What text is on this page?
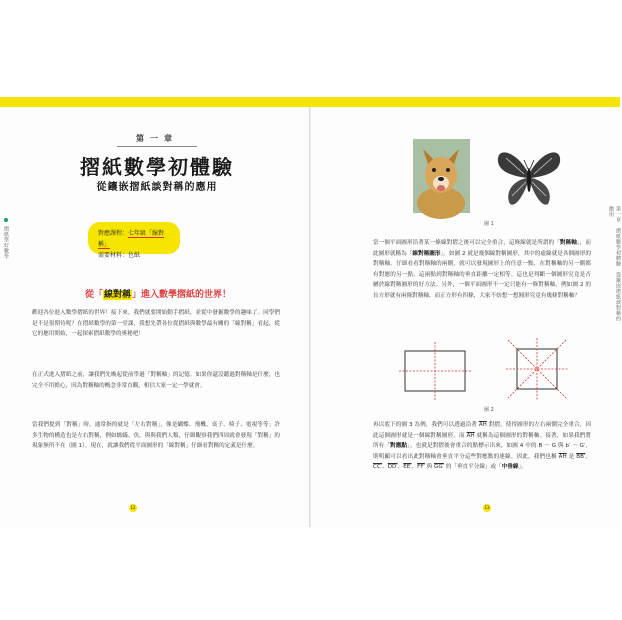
摺紙學好數學
第一章
摺紙數學初體驗
從鑲嵌摺紙談對稱的應用
對應課程：七年級「線對稱」
需要材料：色紙
從「線對稱」進入數學摺紙的世界！

歡迎各位進入數學摺紙的世界！接下來，我們就要開始動手摺紙，並從中發掘數學的趣味了。同學們是不是很期待呢？在摺紙數學的第一堂課，我想先帶各位從摺紙與數學最有關的「線對稱」看起，從它的應用開始，一起探索摺紙數學的奧秘吧！

在正式進入摺紙之前，讓我們先喚起從前學過「對稱軸」的記憶。如果你還沒聽過對稱軸是什麼，也完全不用擔心，因為對稱軸的概念非常直觀，相信大家一定一學就會。

當我們提到「對稱」時，通常指的就是「左右對稱」，像是蝴蝶、飛機、桌子、椅子、電視等等；許多生物的構造也是左右對稱，例如螞蟻、魚，與與我們人類，仔細觀察我們四周就會發現「對稱」的現象無所不在（圖 1）。現在，就讓我們從平面圖形的「線對稱」仔細看對稱的定義是什麼。

12
第一章　摺紙數學初體驗　從鑲嵌摺紙談對稱的應用
圖 1

當一個平面圖形沿著某一條線對摺之後可以完全重合，這條線就是所謂的「對稱軸」，而此圖形就稱為「線對稱圖形」。如圖 2 就是幾個線對稱圖形，其中的虛線就是各個圖形的對稱軸。仔細看看對稱軸的兩側，就可以發現圖形上的任意一點，在對稱軸的另一側都有對應的另一點，這兩點到對稱軸的垂直距離一定相等。這也是判斷一個圖形究竟是否屬於線對稱圖形的好方法。另外，一個平面圖形不一定只能有一條對稱軸，例如圖 2 的長方形就有兩條對稱軸，而正方形有四條，大家不妨想一想圓形究竟有幾條對稱軸？

圖 2

再以底下的圖 3 為例，我們可以透過沿著 $\overline{AH}$ 對摺，使得圖形的左右兩側完全重合，因此這個圖形就是一個線對稱圖形，而 $\overline{AH}$ 就稱為這個圖形的對稱軸。接著，如果我們將所有「對應點」，也就是對摺後會重合的點標示出來，如圖 4 中的 B ～ G 與 b′ ～ G′，則明顯可以看出此對稱軸會垂直平分這些對應點的連線。因此，我們也稱 $\overline{AH}$ 是 BB′、CC′、DD′、EE′、FF′ 與 GG′ 的「垂直平分線」或「中垂線」。

13
